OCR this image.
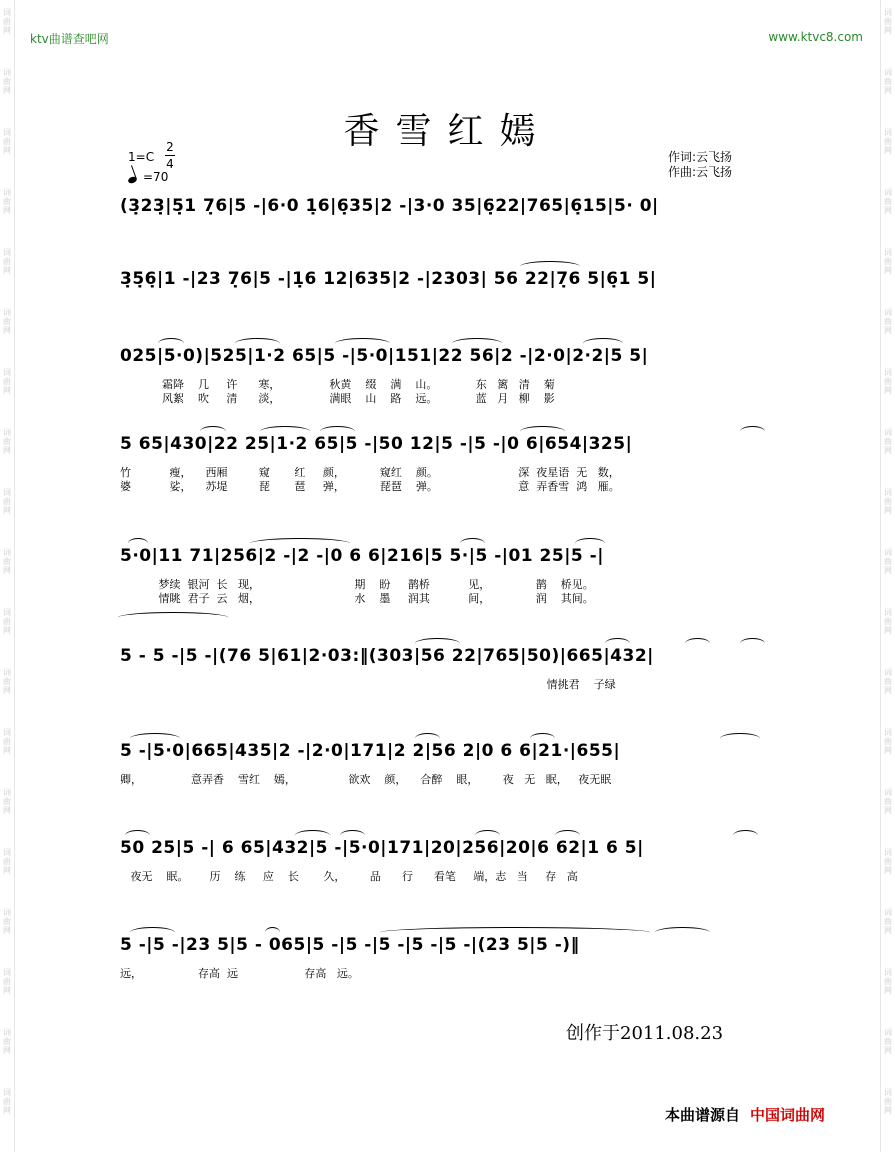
词曲网
词曲网
词曲网
词曲网
词曲网
词曲网
词曲网
词曲网
词曲网
词曲网
词曲网
词曲网
词曲网
词曲网
词曲网
词曲网
词曲网
词曲网
词曲网
词曲网
词曲网
词曲网
词曲网
词曲网
词曲网
词曲网
词曲网
词曲网
词曲网
词曲网
词曲网
词曲网
词曲网
词曲网
词曲网
词曲网
词曲网
词曲网
ktv曲谱查吧网	www.ktvc8.com
香雪红嫣
1=C
2
4
=70
作词:云飞扬
作曲:云飞扬
(3̣23̣|5̣1 7̣6|5 -|6·0 1̣6|6̣35|2 -|3·0 35|6̣22|765|6̣15|5· 0|
3̣5̣6̣|1 -|23 7̣6|5 -|1̣6 12|635|2 -|2303| 56 22|7̣6 5|6̣1 5|
025|5·0)|525|1·2 65|5 -|5·0|151|22 56|2 -|2·0|2·2|5 5|
霜降    几     许      寒，              秋黄    缀    满    山。           东   篱   清    菊
风絮    吹     清      淡，              满眼    山    路    远。           蓝   月   柳    影
5 65|430|22 25|1·2 65|5 -|50 12|5 -|5 -|0 6|654|325|
竹           瘦，    西厢         窥       红     颜，          窥红    颜。                       深  夜星语  无   数，
婆           娑，    苏堤         琵       琶     弹，          琵琶    弹。                       意  弄香雪  鸿   雁。
5·0|11 71|256|2 -|2 -|0 6 6|216|5 5·|5 -|01 25|5 -|
梦续  银河  长   现，                           期    盼     鹊桥           见，             鹊    桥见。
情眺  君子  云   烟，                           水    墨     润其           间，             润    其间。
5 - 5 -|5 -|(76 5|61|2·03:‖(303|56 22|765|50)|665|432|
情挑君    子绿
5 -|5·0|665|435|2 -|2·0|171|2 2|56 2|0 6 6|21·|655|
卿，              意弄香    雪红    嫣，               欲欢    颜，    合醉    眼，       夜   无   眠，   夜无眠
50 25|5 -| 6 65|432|5 -|5·0|171|20|256|20|6 62|1 6 5|
夜无    眠。      历    练     应    长       久，       品      行      看笔     端，志   当     存   高
5 -|5 -|23 5|5 - 065|5 -|5 -|5 -|5 -|5 -|(23 5|5 -)‖
远，                存高  远                   存高   远。
创作于2011.08.23
本曲谱源自 中国词曲网
